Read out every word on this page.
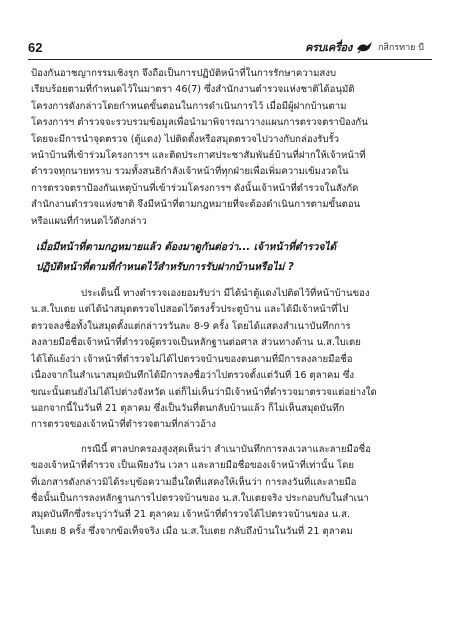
62	ครบเครื่อง	กสิกรทาย บี
ป้องกันอาชญากรรมเชิงรุก จึงถือเป็นการปฏิบัติหน้าที่ในการรักษาความสงบ
เรียบร้อยตามที่กำหนดไว้ในมาตรา 46(7) ซึ่งสำนักงานตำรวจแห่งชาติได้อนุมัติ
โครงการดังกล่าวโดยกำหนดขั้นตอนในการดำเนินการไว้ เมื่อมีผู้ฝากบ้านตาม
โครงการฯ ตำรวจจะรวบรวมข้อมูลเพื่อนำมาพิจารณาวางแผนการตรวจตราป้องกัน
โดยจะมีการนำจุดตรวจ (ตู้แดง) ไปติดตั้งหรือสมุดตรวจไปวางกับกล่องรับรั้ว
หน้าบ้านที่เข้าร่วมโครงการฯ และติดประกาศประชาสัมพันธ์บ้านที่ฝากให้เจ้าหน้าที่
ตำรวจทุกนายทราบ รวมทั้งสนธิกำลังเจ้าหน้าที่ทุกฝ่ายเพื่อเพิ่มความเข้มงวดใน
การตรวจตราป้องกันเหตุบ้านที่เข้าร่วมโครงการฯ ดังนั้นเจ้าหน้าที่ตำรวจในสังกัด
สำนักงานตำรวจแห่งชาติ จึงมีหน้าที่ตามกฎหมายที่จะต้องดำเนินการตามขั้นตอน
หรือแผนที่กำหนดไว้ดังกล่าว
เมื่อมีหน้าที่ตามกฎหมายแล้ว ต้องมาดูกันต่อว่า... เจ้าหน้าที่ตำรวจได้
ปฏิบัติหน้าที่ตามที่กำหนดไว้สำหรับการรับฝากบ้านหรือไม่ ?
ประเด็นนี้ ทางตำรวจเองยอมรับว่า มีได้นำตู้แดงไปติดไว้ที่หน้าบ้านของ
น.ส.ใบเตย แต่ได้นำสมุดตรวจไปสอดไว้ตรงรั้วประตูบ้าน และได้มีเจ้าหน้าที่ไป
ตรวจลงชื่อทั้งในสมุดตั้งแต่กล่าวรวันละ 8-9 ครั้ง โดยได้แสดงสำเนาบันทึกการ
ลงลายมือชื่อเจ้าหน้าที่ตำรวจผู้ตรวจเป็นหลักฐานต่อศาล ส่วนทางด้าน น.ส.ใบเตย
ได้โต้แย้งว่า เจ้าหน้าที่ตำรวจไม่ได้ไปตรวจบ้านของตนตามที่มีการลงลายมือชื่อ
เนื่องจากในสำเนาสมุดบันทึกได้มีการลงชื่อว่าไปตรวจตั้งแต่วันที่ 16 ตุลาคม ซึ่ง
ขณะนั้นตนยังไม่ได้ไปต่างจังหวัด แต่ก็ไม่เห็นว่ามีเจ้าหน้าที่ตำรวจมาตรวจแต่อย่างใด
นอกจากนี้ในวันที่ 21 ตุลาคม ซึ่งเป็นวันที่ตนกลับบ้านแล้ว ก็ไม่เห็นสมุดบันทึก
การตรวจของเจ้าหน้าที่ตำรวจตามที่กล่าวอ้าง
กรณีนี้ ศาลปกครองสูงสุดเห็นว่า สำเนาบันทึกการลงเวลาและลายมือชื่อ
ของเจ้าหน้าที่ตำรวจ เป็นเพียงวัน เวลา และลายมือชื่อของเจ้าหน้าที่เท่านั้น โดย
ที่เอกสารดังกล่าวมิได้ระบุข้อความอื่นใดที่แสดงให้เห็นว่า การลงวันที่และลายมือ
ชื่อนั้นเป็นการลงหลักฐานการไปตรวจบ้านของ น.ส.ใบเตยจริง ประกอบกับในสำเนา
สมุดบันทึกซึ่งระบุว่าวันที่ 21 ตุลาคม เจ้าหน้าที่ตำรวจได้ไปตรวจบ้านของ น.ส.
ใบเตย 8 ครั้ง ซึ่งจากข้อเท็จจริง เมื่อ น.ส.ใบเตย กลับถึงบ้านในวันที่ 21 ตุลาคม
